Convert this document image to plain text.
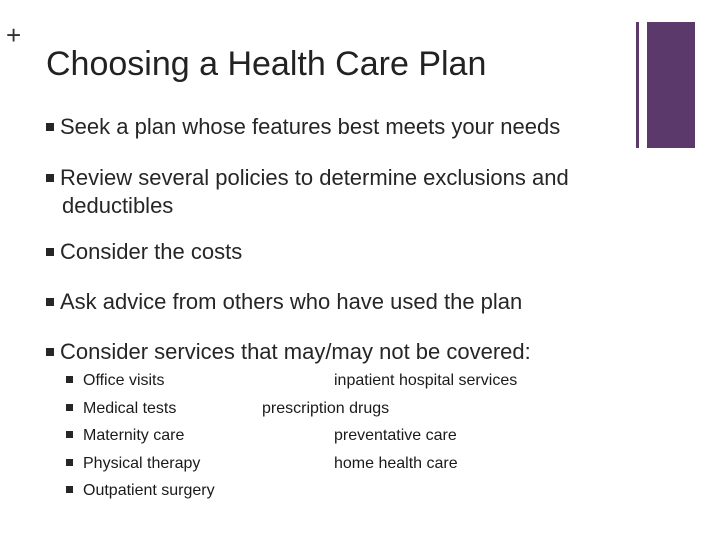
+
Choosing a Health Care Plan
Seek a plan whose features best meets your needs
Review several policies to determine exclusions and
deductibles
Consider the costs
Ask advice from others who have used the plan
Consider services that may/may not be covered:
Office visits
Medical tests
Maternity care
Physical therapy
Outpatient surgery
inpatient hospital services
prescription drugs
preventative care
home health care
